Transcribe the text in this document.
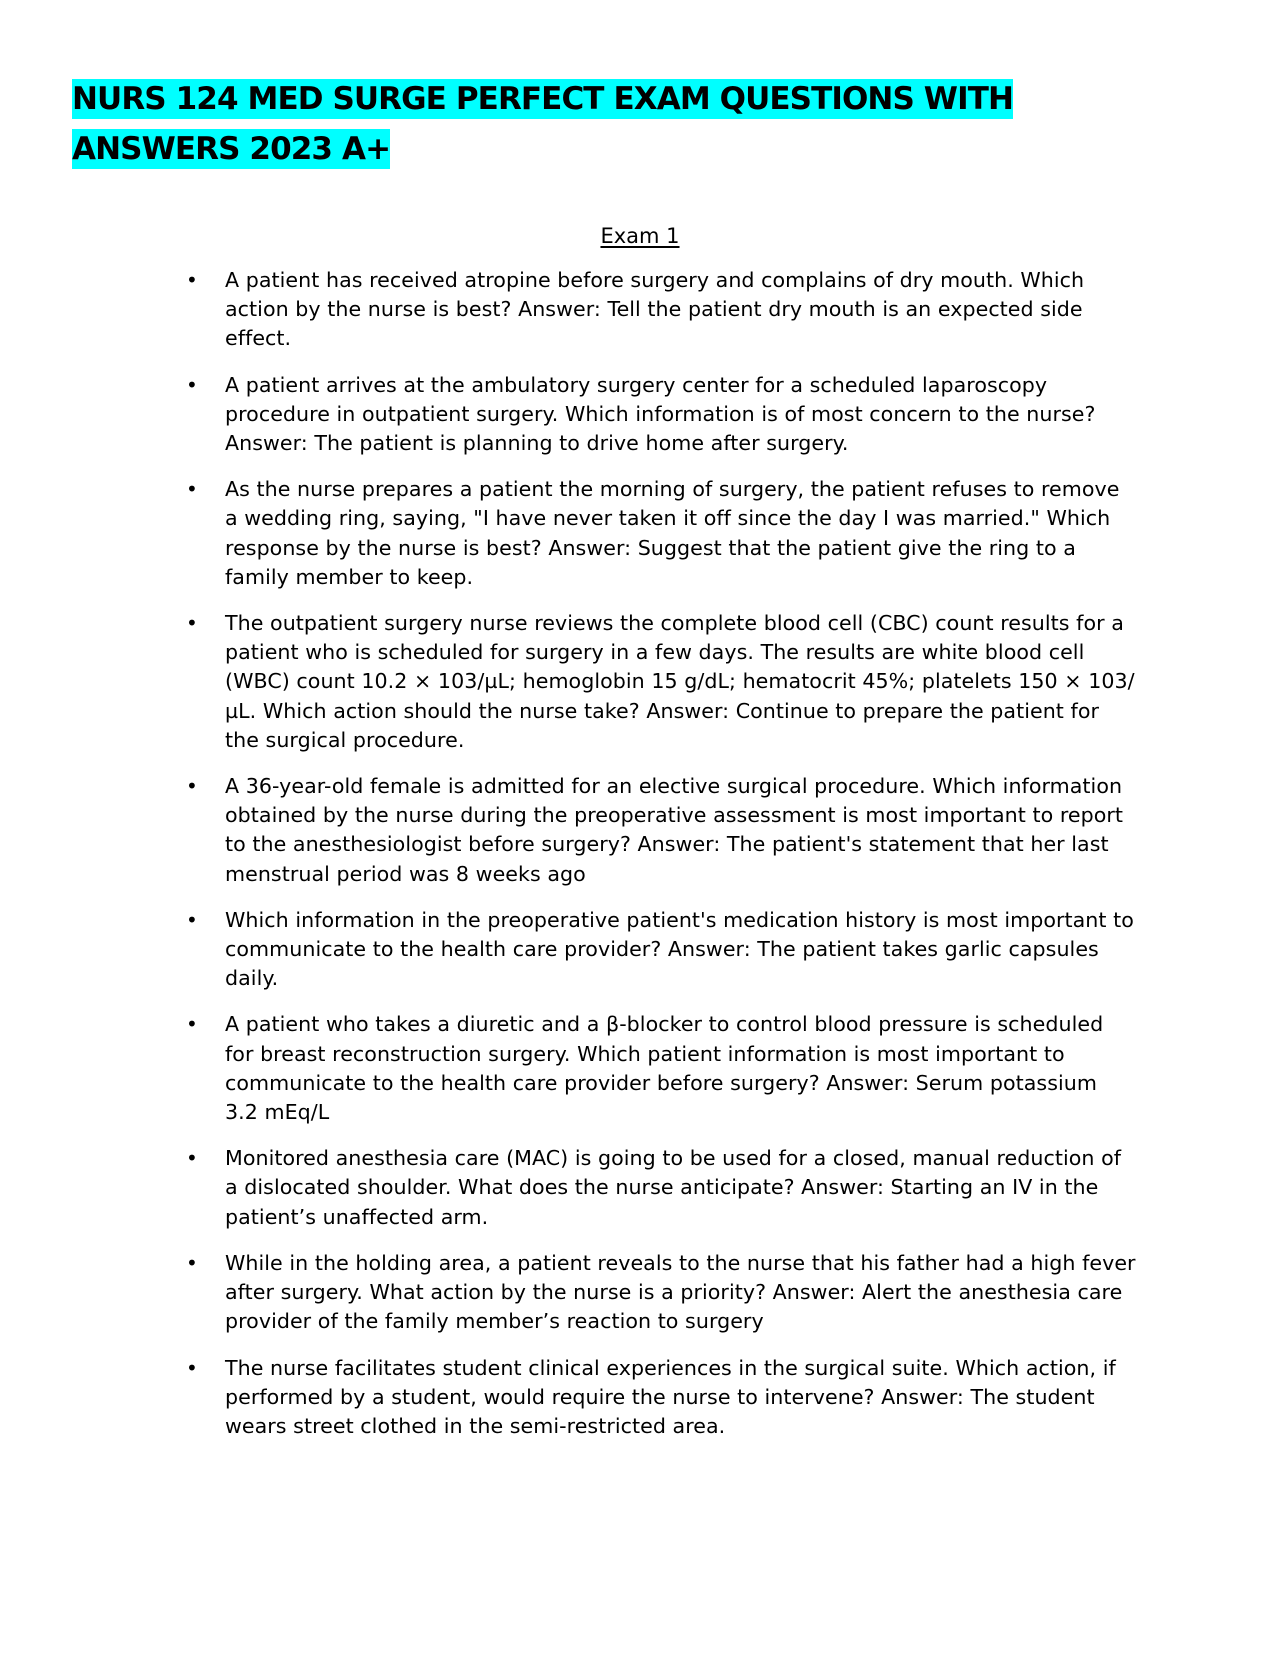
NURS 124 MED SURGE PERFECT EXAM QUESTIONS WITH ANSWERS 2023 A+
Exam 1
• A patient has received atropine before surgery and complains of dry mouth. Which action by the nurse is best? Answer: Tell the patient dry mouth is an expected side effect.
• A patient arrives at the ambulatory surgery center for a scheduled laparoscopy procedure in outpatient surgery. Which information is of most concern to the nurse? Answer: The patient is planning to drive home after surgery.
• As the nurse prepares a patient the morning of surgery, the patient refuses to remove a wedding ring, saying, "I have never taken it off since the day I was married." Which response by the nurse is best? Answer: Suggest that the patient give the ring to a family member to keep.
• The outpatient surgery nurse reviews the complete blood cell (CBC) count results for a patient who is scheduled for surgery in a few days. The results are white blood cell (WBC) count 10.2 × 103/µL; hemoglobin 15 g/dL; hematocrit 45%; platelets 150 × 103/µL. Which action should the nurse take? Answer: Continue to prepare the patient for the surgical procedure.
• A 36-year-old female is admitted for an elective surgical procedure. Which information obtained by the nurse during the preoperative assessment is most important to report to the anesthesiologist before surgery? Answer: The patient's statement that her last menstrual period was 8 weeks ago
• Which information in the preoperative patient's medication history is most important to communicate to the health care provider? Answer: The patient takes garlic capsules daily.
• A patient who takes a diuretic and a β-blocker to control blood pressure is scheduled for breast reconstruction surgery. Which patient information is most important to communicate to the health care provider before surgery? Answer: Serum potassium 3.2 mEq/L
• Monitored anesthesia care (MAC) is going to be used for a closed, manual reduction of a dislocated shoulder. What does the nurse anticipate? Answer: Starting an IV in the patient’s unaffected arm.
• While in the holding area, a patient reveals to the nurse that his father had a high fever after surgery. What action by the nurse is a priority? Answer: Alert the anesthesia care provider of the family member’s reaction to surgery
• The nurse facilitates student clinical experiences in the surgical suite. Which action, if performed by a student, would require the nurse to intervene? Answer: The student wears street clothed in the semi-restricted area.
